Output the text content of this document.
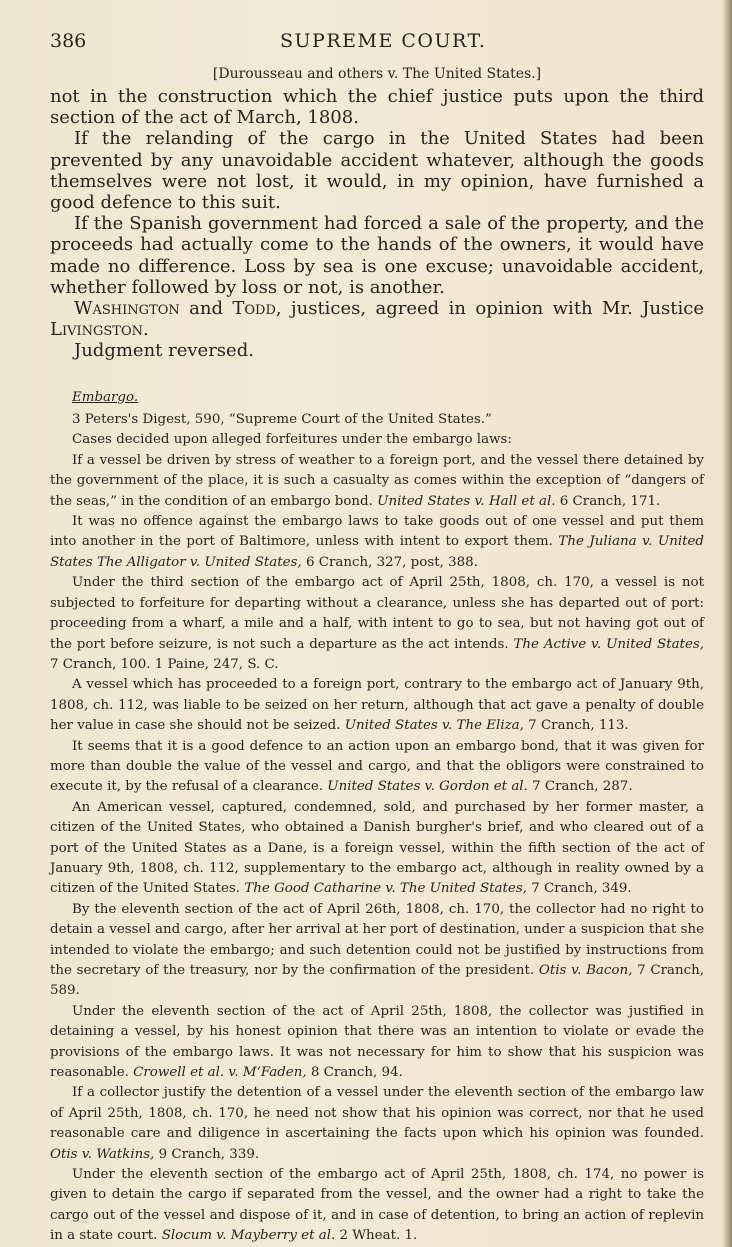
386	SUPREME COURT.
[Durousseau and others v. The United States.]

not in the construction which the chief justice puts upon the third section of the act of March, 1808.

If the relanding of the cargo in the United States had been prevented by any unavoidable accident whatever, although the goods themselves were not lost, it would, in my opinion, have furnished a good defence to this suit.

If the Spanish government had forced a sale of the property, and the proceeds had actually come to the hands of the owners, it would have made no difference. Loss by sea is one excuse; unavoidable accident, whether followed by loss or not, is another.

Washington and Todd, justices, agreed in opinion with Mr. Justice Livingston.

Judgment reversed.

Embargo.

3 Peters's Digest, 590, “Supreme Court of the United States.”

Cases decided upon alleged forfeitures under the embargo laws:

If a vessel be driven by stress of weather to a foreign port, and the vessel there detained by the government of the place, it is such a casualty as comes within the exception of “dangers of the seas,” in the condition of an embargo bond. United States v. Hall et al. 6 Cranch, 171.

It was no offence against the embargo laws to take goods out of one vessel and put them into another in the port of Baltimore, unless with intent to export them. The Juliana v. United States The Alligator v. United States, 6 Cranch, 327, post, 388.

Under the third section of the embargo act of April 25th, 1808, ch. 170, a vessel is not subjected to forfeiture for departing without a clearance, unless she has departed out of port: proceeding from a wharf, a mile and a half, with intent to go to sea, but not having got out of the port before seizure, is not such a departure as the act intends. The Active v. United States, 7 Cranch, 100. 1 Paine, 247, S. C.

A vessel which has proceeded to a foreign port, contrary to the embargo act of January 9th, 1808, ch. 112, was liable to be seized on her return, although that act gave a penalty of double her value in case she should not be seized. United States v. The Eliza, 7 Cranch, 113.

It seems that it is a good defence to an action upon an embargo bond, that it was given for more than double the value of the vessel and cargo, and that the obligors were constrained to execute it, by the refusal of a clearance. United States v. Gordon et al. 7 Cranch, 287.

An American vessel, captured, condemned, sold, and purchased by her former master, a citizen of the United States, who obtained a Danish burgher's brief, and who cleared out of a port of the United States as a Dane, is a foreign vessel, within the fifth section of the act of January 9th, 1808, ch. 112, supplementary to the embargo act, although in reality owned by a citizen of the United States. The Good Catharine v. The United States, 7 Cranch, 349.

By the eleventh section of the act of April 26th, 1808, ch. 170, the collector had no right to detain a vessel and cargo, after her arrival at her port of destination, under a suspicion that she intended to violate the embargo; and such detention could not be justified by instructions from the secretary of the treasury, nor by the confirmation of the president. Otis v. Bacon, 7 Cranch, 589.

Under the eleventh section of the act of April 25th, 1808, the collector was justified in detaining a vessel, by his honest opinion that there was an intention to violate or evade the provisions of the embargo laws. It was not necessary for him to show that his suspicion was reasonable. Crowell et al. v. M‘Faden, 8 Cranch, 94.

If a collector justify the detention of a vessel under the eleventh section of the embargo law of April 25th, 1808, ch. 170, he need not show that his opinion was correct, nor that he used reasonable care and diligence in ascertaining the facts upon which his opinion was founded. Otis v. Watkins, 9 Cranch, 339.

Under the eleventh section of the embargo act of April 25th, 1808, ch. 174, no power is given to detain the cargo if separated from the vessel, and the owner had a right to take the cargo out of the vessel and dispose of it, and in case of detention, to bring an action of replevin in a state court. Slocum v. Mayberry et al. 2 Wheat. 1.
